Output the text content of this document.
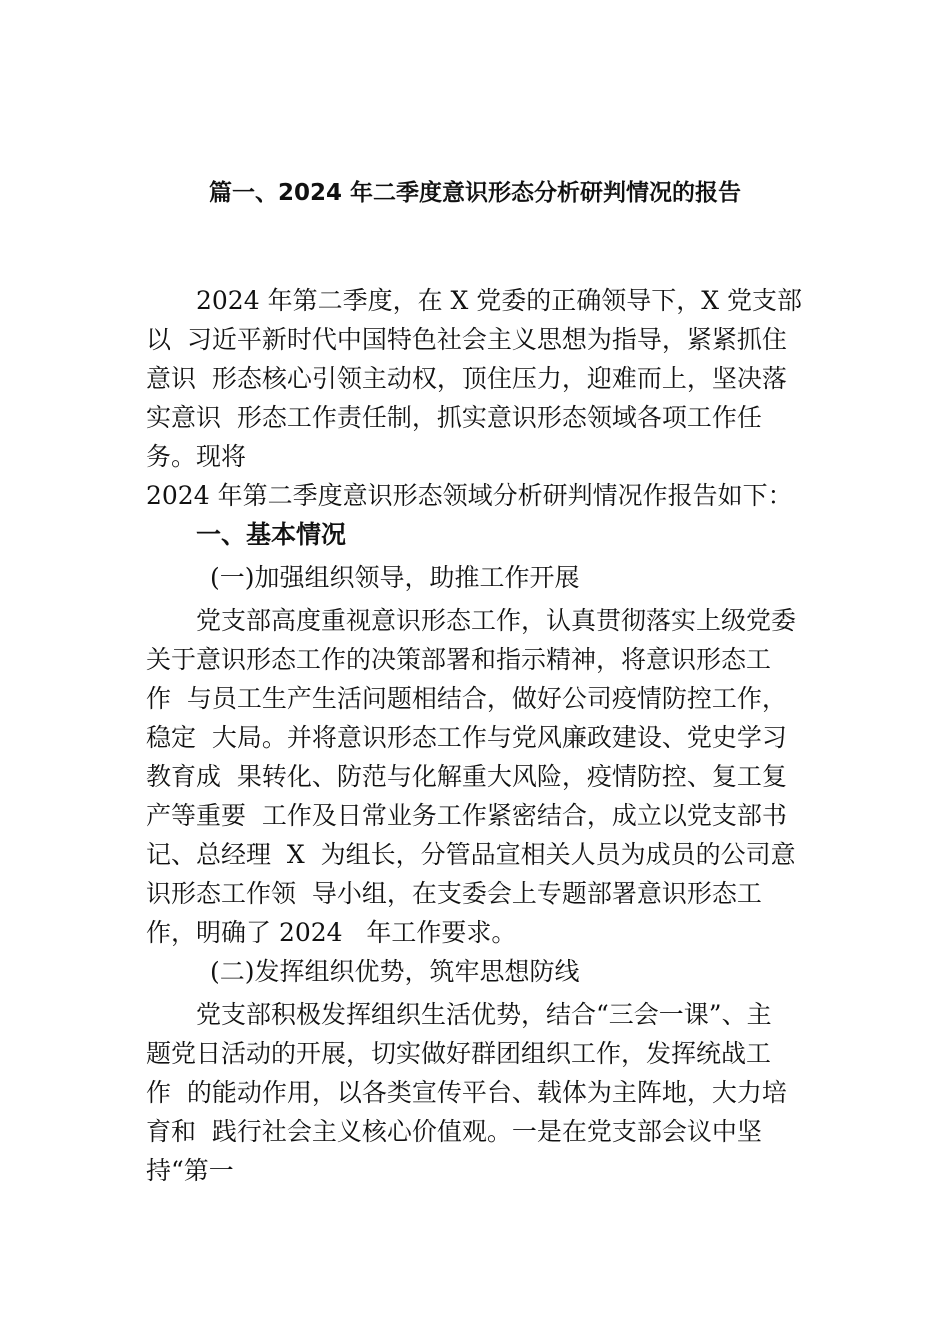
篇一、2024 年二季度意识形态分析研判情况的报告
2024 年第二季度，在 X 党委的正确领导下，X 党支部
以  习近平新时代中国特色社会主义思想为指导，紧紧抓住
意识  形态核心引领主动权，顶住压力，迎难而上，坚决落
实意识  形态工作责任制，抓实意识形态领域各项工作任
务。现将
2024 年第二季度意识形态领域分析研判情况作报告如下：
一、基本情况
(一)加强组织领导，助推工作开展
党支部高度重视意识形态工作，认真贯彻落实上级党委
关于意识形态工作的决策部署和指示精神，将意识形态工
作  与员工生产生活问题相结合，做好公司疫情防控工作，
稳定  大局。并将意识形态工作与党风廉政建设、党史学习
教育成  果转化、防范与化解重大风险，疫情防控、复工复
产等重要  工作及日常业务工作紧密结合，成立以党支部书
记、总经理  X  为组长，分管品宣相关人员为成员的公司意
识形态工作领  导小组，在支委会上专题部署意识形态工
作，明确了 2024   年工作要求。
(二)发挥组织优势，筑牢思想防线
党支部积极发挥组织生活优势，结合“三会一课”、主
题党日活动的开展，切实做好群团组织工作，发挥统战工
作  的能动作用，以各类宣传平台、载体为主阵地，大力培
育和  践行社会主义核心价值观。一是在党支部会议中坚
持“第一
